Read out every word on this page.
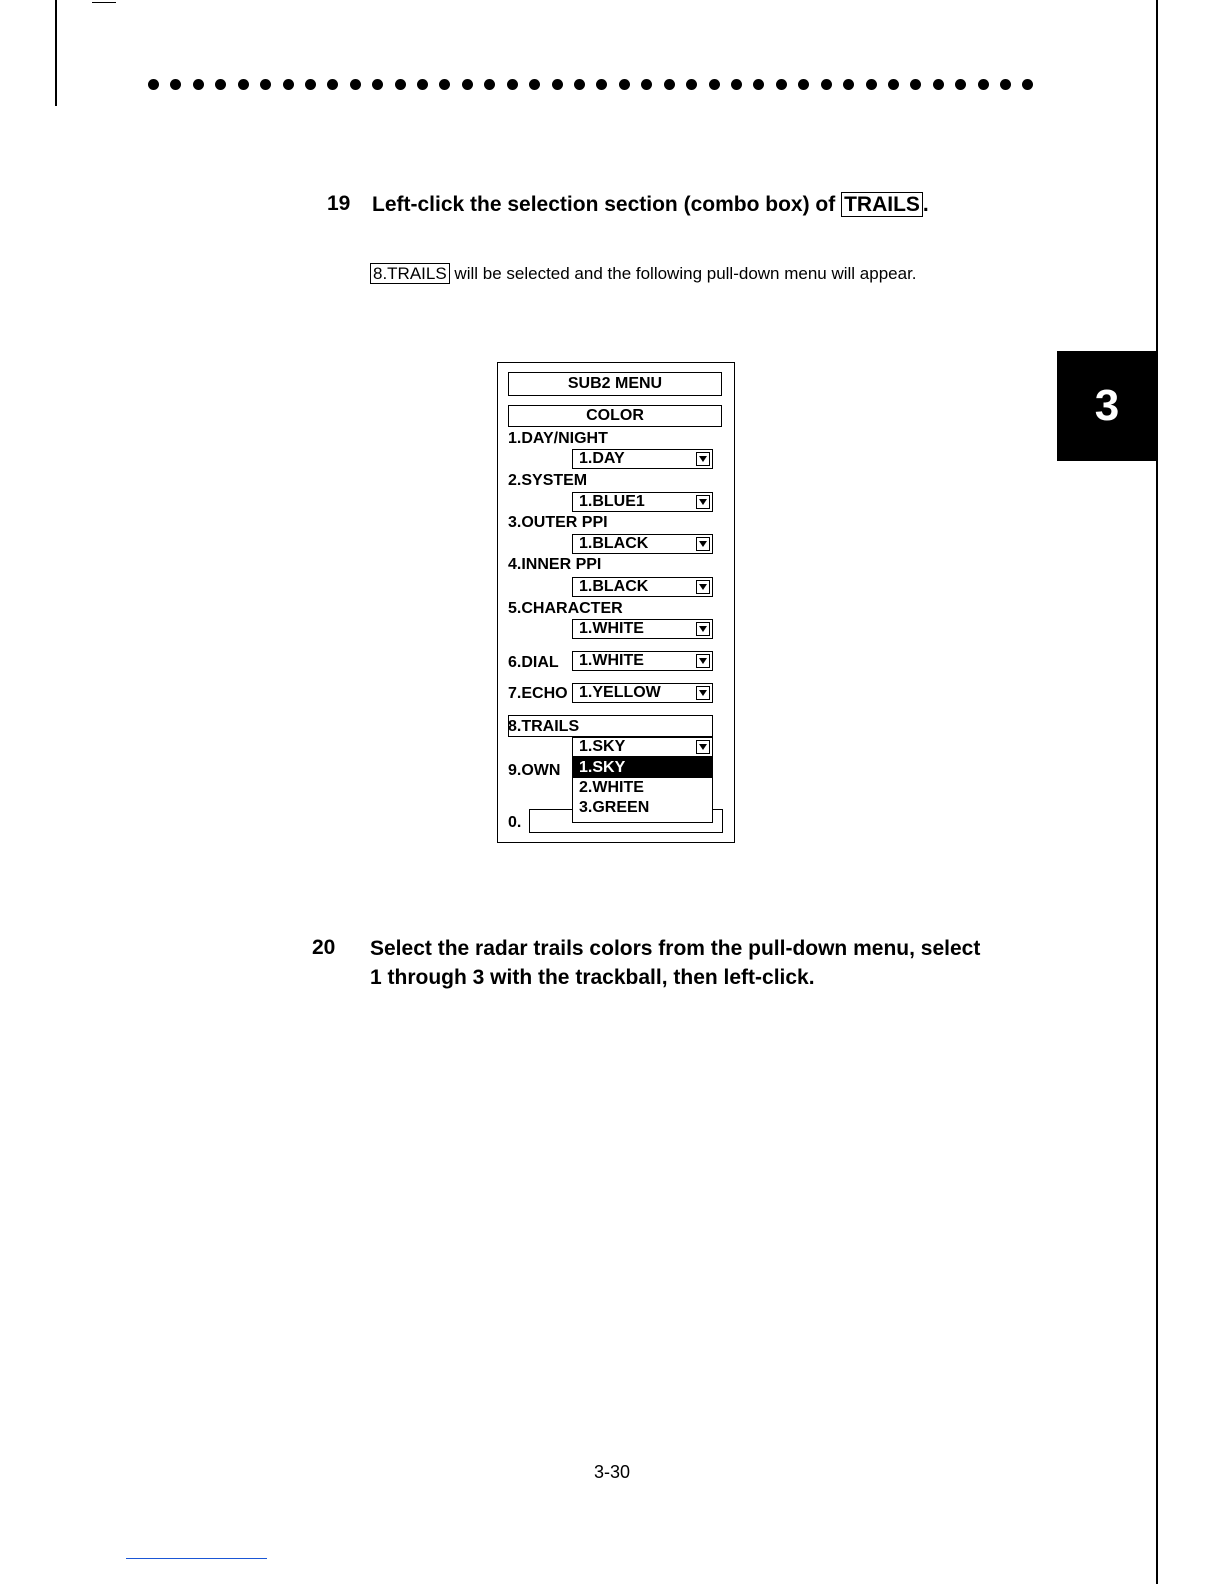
3
19 Left-click the selection section (combo box) of TRAILS .
8.TRAILS will be selected and the following pull-down menu will appear.
SUB2 MENU
COLOR
1.DAY/NIGHT
1.DAY
2.SYSTEM
1.BLUE1
3.OUTER PPI
1.BLACK
4.INNER PPI
1.BLACK
5.CHARACTER
1.WHITE
6.DIAL	1.WHITE
7.ECHO 1.YELLOW
8.TRAILS
1.SKY
9.OWN
0.
1.SKY
2.WHITE
3.GREEN
20 Select the radar trails colors from the pull-down menu, select
1 through 3 with the trackball, then left-click.
3-30
